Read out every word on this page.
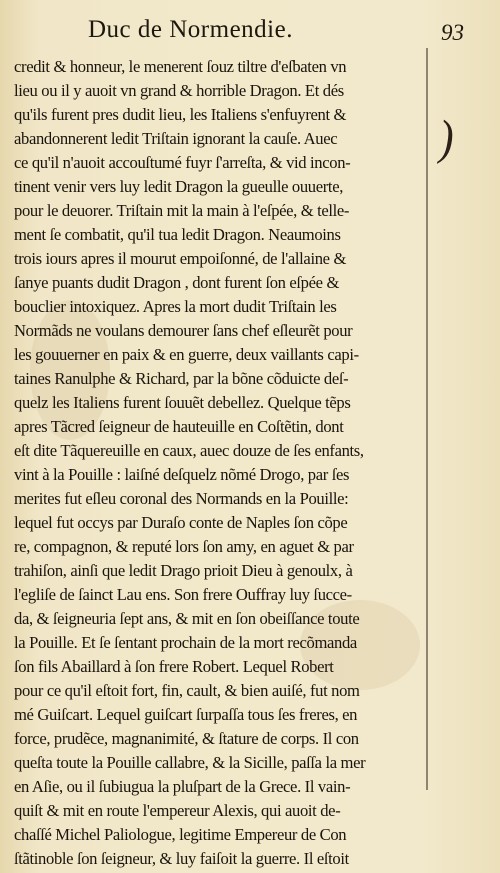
Duc de Normendie.	93
)
credit & honneur, le menerent ſouz tiltre d'eſbaten vn
lieu ou il y auoit vn grand & horrible Dragon. Et dés
qu'ils furent pres dudit lieu, les Italiens s'enfuyrent &
abandonnerent ledit Triſtain ignorant la cauſe. Auec
ce qu'il n'auoit accouſtumé fuyr ſ'arreſta, & vid incon-
tinent venir vers luy ledit Dragon la gueulle ouuerte,
pour le deuorer. Triſtain mit la main à l'eſpée, & telle-
ment ſe combatit, qu'il tua ledit Dragon. Neaumoins
trois iours apres il mourut empoiſonné, de l'allaine &
ſanye puants dudit Dragon , dont furent ſon eſpée &
bouclier intoxiquez. Apres la mort dudit Triſtain les
Normãds ne voulans demourer ſans chef eſleurẽt pour
les gouuerner en paix & en guerre, deux vaillants capi-
taines Ranulphe & Richard, par la bõne cõduicte deſ-
quelz les Italiens furent ſouuẽt debellez. Quelque tẽps
apres Tãcred ſeigneur de hauteuille en Coſtẽtin, dont
eſt dite Tãquereuille en caux, auec douze de ſes enfants,
vint à la Pouille : laiſné deſquelz nõmé Drogo, par ſes
merites fut eſleu coronal des Normands en la Pouille:
lequel fut occys par Duraſo conte de Naples ſon cõpe
re, compagnon, & reputé lors ſon amy, en aguet & par
trahiſon, ainſi que ledit Drago prioit Dieu à genoulx, à
l'egliſe de ſainct Lau ens. Son frere Ouffray luy ſucce-
da, & ſeigneuria ſept ans, & mit en ſon obeiſſance toute
la Pouille. Et ſe ſentant prochain de la mort recõmanda
ſon fils Abaillard à ſon frere Robert. Lequel Robert
pour ce qu'il eſtoit fort, fin, cault, & bien auiſé, fut nom
mé Guiſcart. Lequel guiſcart ſurpaſſa tous ſes freres, en
force, prudẽce, magnanimité, & ſtature de corps. Il con
queſta toute la Pouille callabre, & la Sicille, paſſa la mer
en Aſie, ou il ſubiugua la pluſpart de la Grece. Il vain-
quiſt & mit en route l'empereur Alexis, qui auoit de-
chaſſé Michel Paliologue, legitime Empereur de Con
ſtãtinoble ſon ſeigneur, & luy faiſoit la guerre. Il eſtoit
